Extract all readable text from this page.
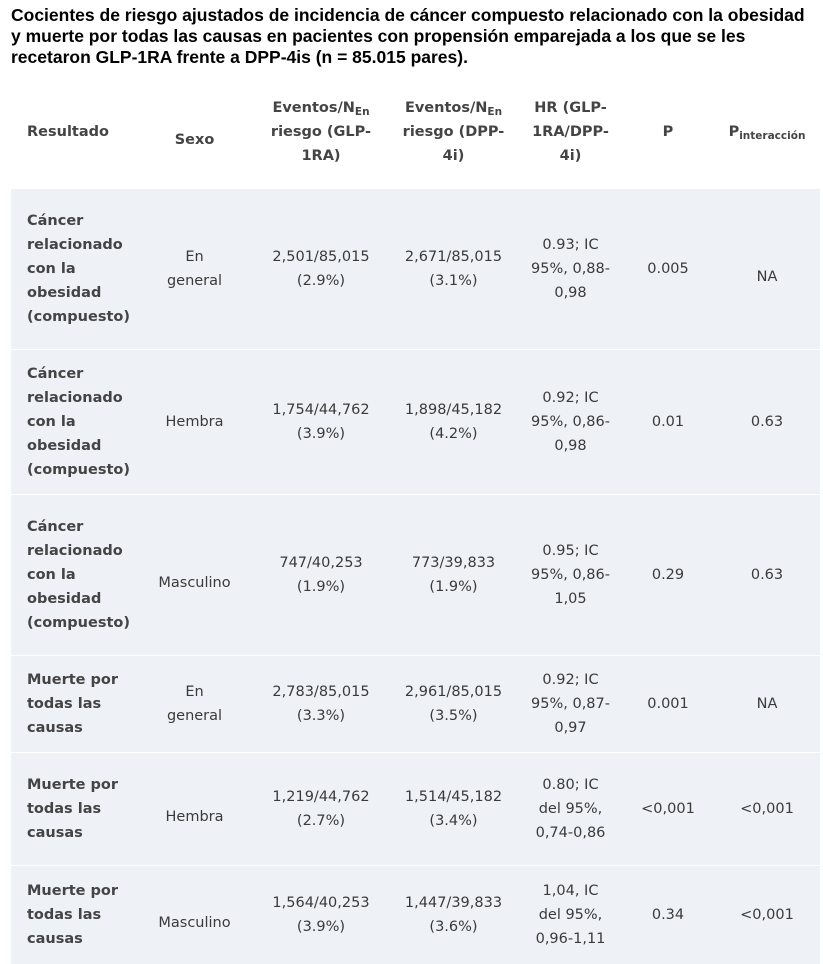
Cocientes de riesgo ajustados de incidencia de cáncer compuesto relacionado con la obesidad y muerte por todas las causas en pacientes con propensión emparejada a los que se les recetaron GLP-1RA frente a DPP-4is (n = 85.015 pares).
Resultado	Sexo	Eventos/$N_{En}$ riesgo (GLP-1RA)	Eventos/$N_{En}$ riesgo (DPP-4i)	HR (GLP-1RA/DPP-4i)	P	$P_{interacción}$
Cáncer relacionado con la obesidad (compuesto)	En general	2,501/85,015 (2.9%)	2,671/85,015 (3.1%)	0.93; IC 95%, 0,88-0,98	0.005	NA

Cáncer relacionado con la obesidad (compuesto)	Hembra	1,754/44,762 (3.9%)	1,898/45,182 (4.2%)	0.92; IC 95%, 0,86-0,98	0.01	0.63

Cáncer relacionado con la obesidad (compuesto)	Masculino	747/40,253 (1.9%)	773/39,833 (1.9%)	0.95; IC 95%, 0,86-1,05	0.29	0.63

Muerte por todas las causas	En general	2,783/85,015 (3.3%)	2,961/85,015 (3.5%)	0.92; IC 95%, 0,87-0,97	0.001	NA

Muerte por todas las causas	Hembra	1,219/44,762 (2.7%)	1,514/45,182 (3.4%)	0.80; IC del 95%, 0,74-0,86	<0,001	<0,001

Muerte por todas las causas	Masculino	1,564/40,253 (3.9%)	1,447/39,833 (3.6%)	1,04, IC del 95%, 0,96-1,11	0.34	<0,001
